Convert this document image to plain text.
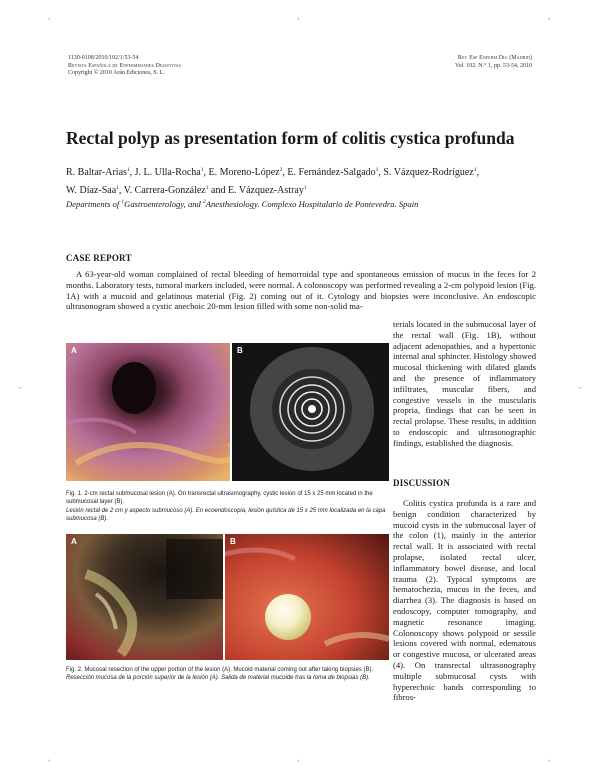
'	'	'
-	-
'	'	'
1130-0108/2010/102/1/53-54
Revista Española de Enfermedades Digestivas
Copyright © 2010 Arán Ediciones, S. L.
Rev Esp Enferm Dig (Madrid)
Vol. 102. N.° 1, pp. 53-54, 2010
Rectal polyp as presentation form of colitis cystica profunda
R. Baltar-Arias$^1$, J. L. Ulla-Rocha$^1$, E. Moreno-López$^2$, E. Fernández-Salgado$^1$, S. Vázquez-Rodríguez$^1$,
W. Díaz-Saa$^1$, V. Carrera-González$^1$ and E. Vázquez-Astray$^1$
Departments of $^1$Gastroenterology, and $^2$Anesthesiology. Complexo Hospitalario de Pontevedra. Spain
CASE REPORT
A 63-year-old woman complained of rectal bleeding of hemorroidal type and spontaneous emission of mucus in the feces for 2 months. Laboratory tests, tumoral markers included, were normal. A colonoscopy was performed revealing a 2-cm polypoid lesion (Fig. 1A) with a mucoid and gelatinous material (Fig. 2) coming out of it. Cytology and biopsies were inconclusive. An endoscopic ultrasonogram showed a cystic anechoic 20-mm lesion filled with some non-solid ma-
terials located in the submucosal layer of the rectal wall (Fig. 1B), without adjacent adenopathies, and a hypertonic internal anal sphincter. Histology showed mucosal thickening with dilated glands and the presence of inflammatory infiltrates, muscular fibers, and congestive vessels in the muscularis propria, findings that can be seen in rectal prolapse. These results, in addition to endoscopic and ultrasonographic findings, established the diagnosis.
DISCUSSION
Colitis cystica profunda is a rare and benign condition characterized by mucoid cysts in the submucosal layer of the colon (1), mainly in the anterior rectal wall. It is associated with rectal prolapse, isolated rectal ulcer, inflammatory bowel disease, and local trauma (2). Typical symptoms are hematochezia, mucus in the feces, and diarrhea (3). The diagnosis is based on endoscopy, computer tomography, and magnetic resonance imaging. Colonoscopy shows polypoid or sessile lesions covered with normal, edematous or congestive mucosa, or ulcerated areas (4). On transrectal ultrasonography multiple submucosal cysts with hyperechoic bands corresponding to fibros-
A	B
Fig. 1. 2-cm rectal submucosal lesion (A). On transrectal ultrasonography, cystic lesion of 15 x 25 mm located in the submucosal layer (B).
Lesión rectal de 2 cm y aspecto submucoso (A). En ecoendoscopia, lesión quística de 15 x 25 mm localizada en la capa submucosa (B).
A	B
Fig. 2. Mucosal resection of the upper portion of the lesion (A). Mucoid material coming out after taking biopsies (B).
Resección mucosa de la porción superior de la lesión (A). Salida de material mucoide tras la toma de biopsias (B).
